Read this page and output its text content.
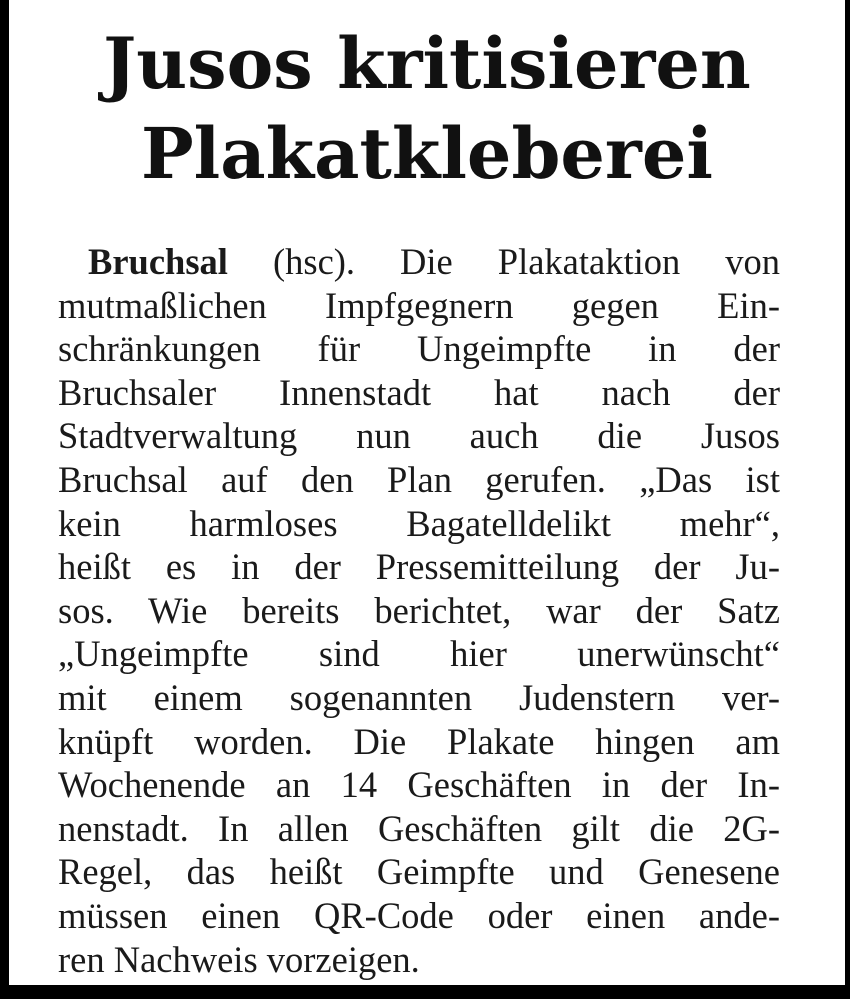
Jusos kritisieren
Plakatkleberei
Bruchsal (hsc). Die Plakataktion von
mutmaßlichen Impfgegnern gegen Ein-
schränkungen für Ungeimpfte in der
Bruchsaler Innenstadt hat nach der
Stadtverwaltung nun auch die Jusos
Bruchsal auf den Plan gerufen. „Das ist
kein harmloses Bagatelldelikt mehr“,
heißt es in der Pressemitteilung der Ju-
sos. Wie bereits berichtet, war der Satz
„Ungeimpfte sind hier unerwünscht“
mit einem sogenannten Judenstern ver-
knüpft worden. Die Plakate hingen am
Wochenende an 14 Geschäften in der In-
nenstadt. In allen Geschäften gilt die 2G-
Regel, das heißt Geimpfte und Genesene
müssen einen QR-Code oder einen ande-
ren Nachweis vorzeigen.
